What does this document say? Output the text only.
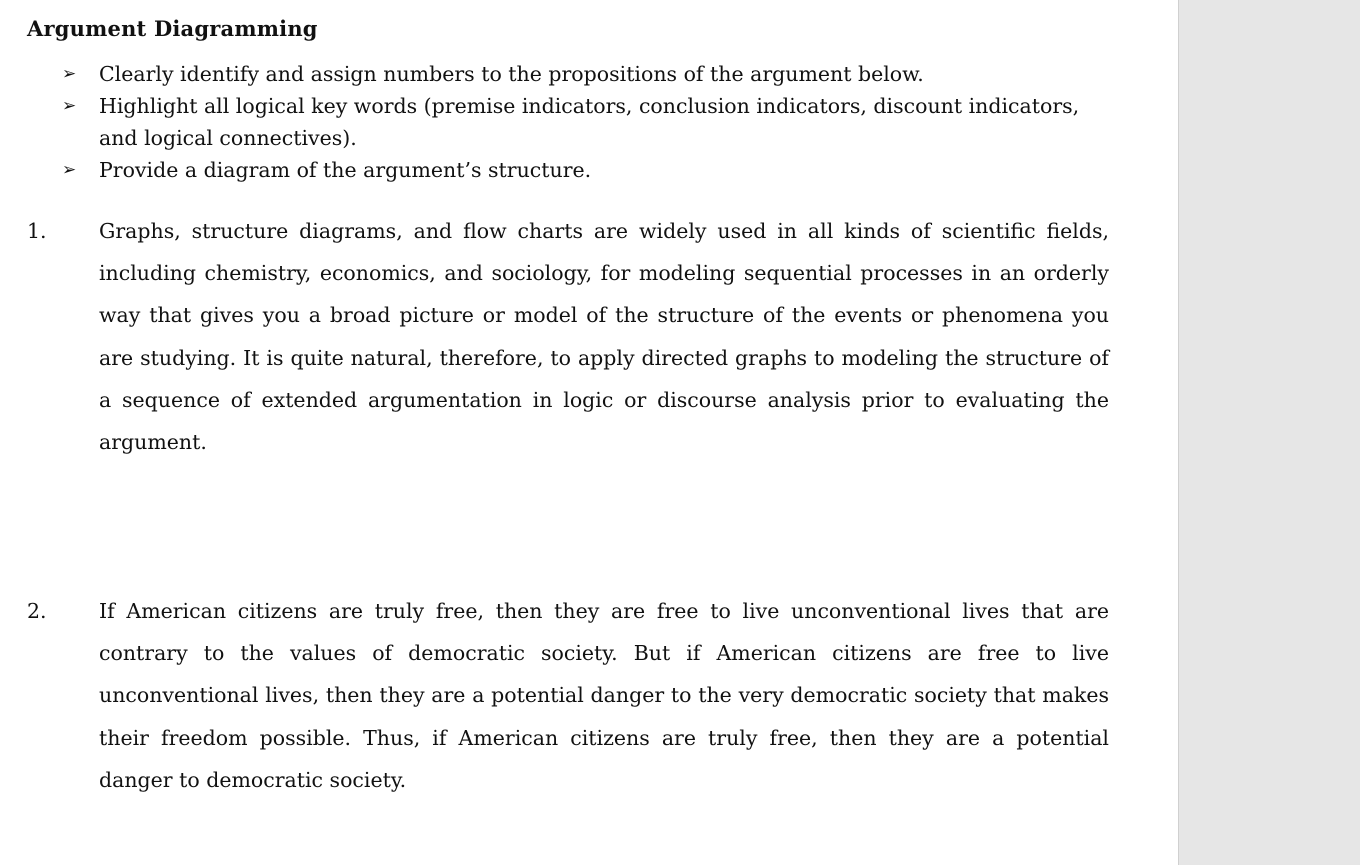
Argument Diagramming
➢ Clearly identify and assign numbers to the propositions of the argument below.
➢ Highlight all logical key words (premise indicators, conclusion indicators, discount indicators, and logical connectives).
➢ Provide a diagram of the argument’s structure.
1.	Graphs, structure diagrams, and flow charts are widely used in all kinds of scientific fields, including chemistry, economics, and sociology, for modeling sequential processes in an orderly way that gives you a broad picture or model of the structure of the events or phenomena you are studying. It is quite natural, therefore, to apply directed graphs to modeling the structure of a sequence of extended argumentation in logic or discourse analysis prior to evaluating the argument.
2.	If American citizens are truly free, then they are free to live unconventional lives that are contrary to the values of democratic society. But if American citizens are free to live unconventional lives, then they are a potential danger to the very democratic society that makes their freedom possible. Thus, if American citizens are truly free, then they are a potential danger to democratic society.
